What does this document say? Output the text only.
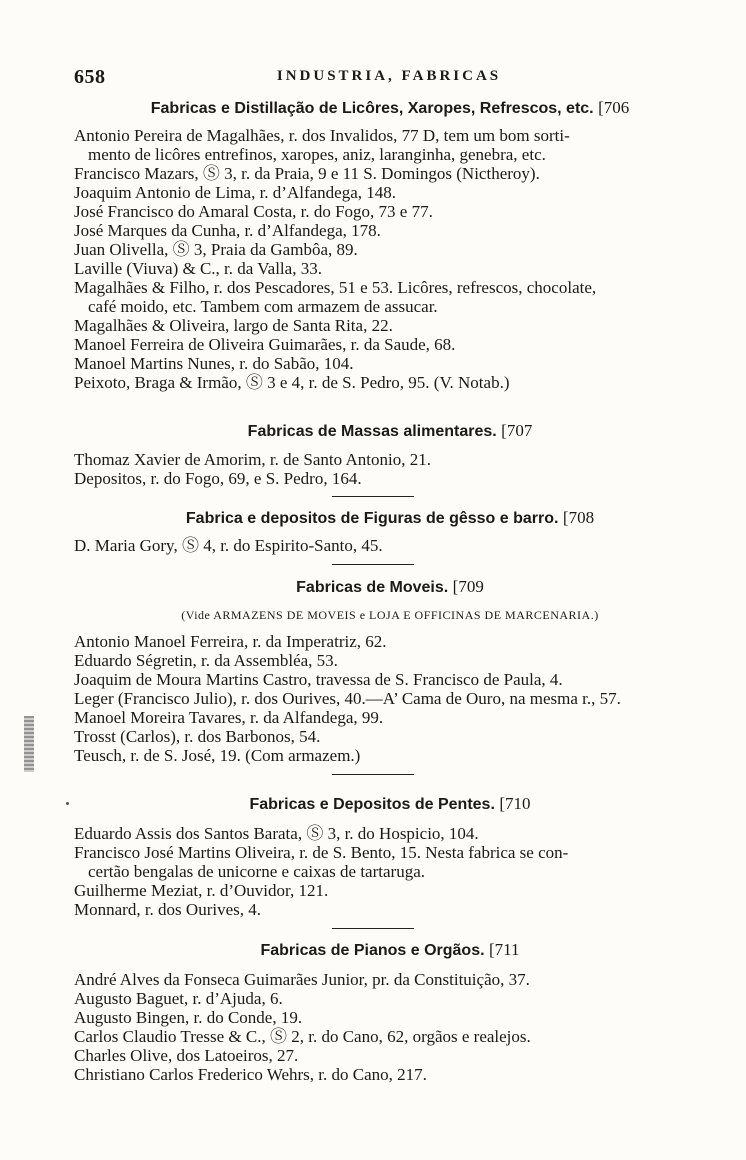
658	INDUSTRIA, FABRICAS
Fabricas e Distillação de Licôres, Xaropes, Refrescos, etc. [706
Antonio Pereira de Magalhães, r. dos Invalidos, 77 D, tem um bom sorti-
mento de licôres entrefinos, xaropes, aniz, laranginha, genebra, etc.
Francisco Mazars, Ⓢ 3, r. da Praia, 9 e 11 S. Domingos (Nictheroy).
Joaquim Antonio de Lima, r. d’Alfandega, 148.
José Francisco do Amaral Costa, r. do Fogo, 73 e 77.
José Marques da Cunha, r. d’Alfandega, 178.
Juan Olivella, Ⓢ 3, Praia da Gambôa, 89.
Laville (Viuva) & C., r. da Valla, 33.
Magalhães & Filho, r. dos Pescadores, 51 e 53. Licôres, refrescos, chocolate,
café moido, etc. Tambem com armazem de assucar.
Magalhães & Oliveira, largo de Santa Rita, 22.
Manoel Ferreira de Oliveira Guimarães, r. da Saude, 68.
Manoel Martins Nunes, r. do Sabão, 104.
Peixoto, Braga & Irmão, Ⓢ 3 e 4, r. de S. Pedro, 95. (V. Notab.)
Fabricas de Massas alimentares. [707
Thomaz Xavier de Amorim, r. de Santo Antonio, 21.
Depositos, r. do Fogo, 69, e S. Pedro, 164.
Fabrica e depositos de Figuras de gêsso e barro. [708
D. Maria Gory, Ⓢ 4, r. do Espirito-Santo, 45.
Fabricas de Moveis. [709
(Vide ARMAZENS DE MOVEIS e LOJA E OFFICINAS DE MARCENARIA.)
Antonio Manoel Ferreira, r. da Imperatriz, 62.
Eduardo Ségretin, r. da Assembléa, 53.
Joaquim de Moura Martins Castro, travessa de S. Francisco de Paula, 4.
Leger (Francisco Julio), r. dos Ourives, 40.—A’ Cama de Ouro, na mesma r., 57.
Manoel Moreira Tavares, r. da Alfandega, 99.
Trosst (Carlos), r. dos Barbonos, 54.
Teusch, r. de S. José, 19. (Com armazem.)
Fabricas e Depositos de Pentes. [710
Eduardo Assis dos Santos Barata, Ⓢ 3, r. do Hospicio, 104.
Francisco José Martins Oliveira, r. de S. Bento, 15. Nesta fabrica se con-
certão bengalas de unicorne e caixas de tartaruga.
Guilherme Meziat, r. d’Ouvidor, 121.
Monnard, r. dos Ourives, 4.
Fabricas de Pianos e Orgãos. [711
André Alves da Fonseca Guimarães Junior, pr. da Constituição, 37.
Augusto Baguet, r. d’Ajuda, 6.
Augusto Bingen, r. do Conde, 19.
Carlos Claudio Tresse & C., Ⓢ 2, r. do Cano, 62, orgãos e realejos.
Charles Olive, dos Latoeiros, 27.
Christiano Carlos Frederico Wehrs, r. do Cano, 217.
